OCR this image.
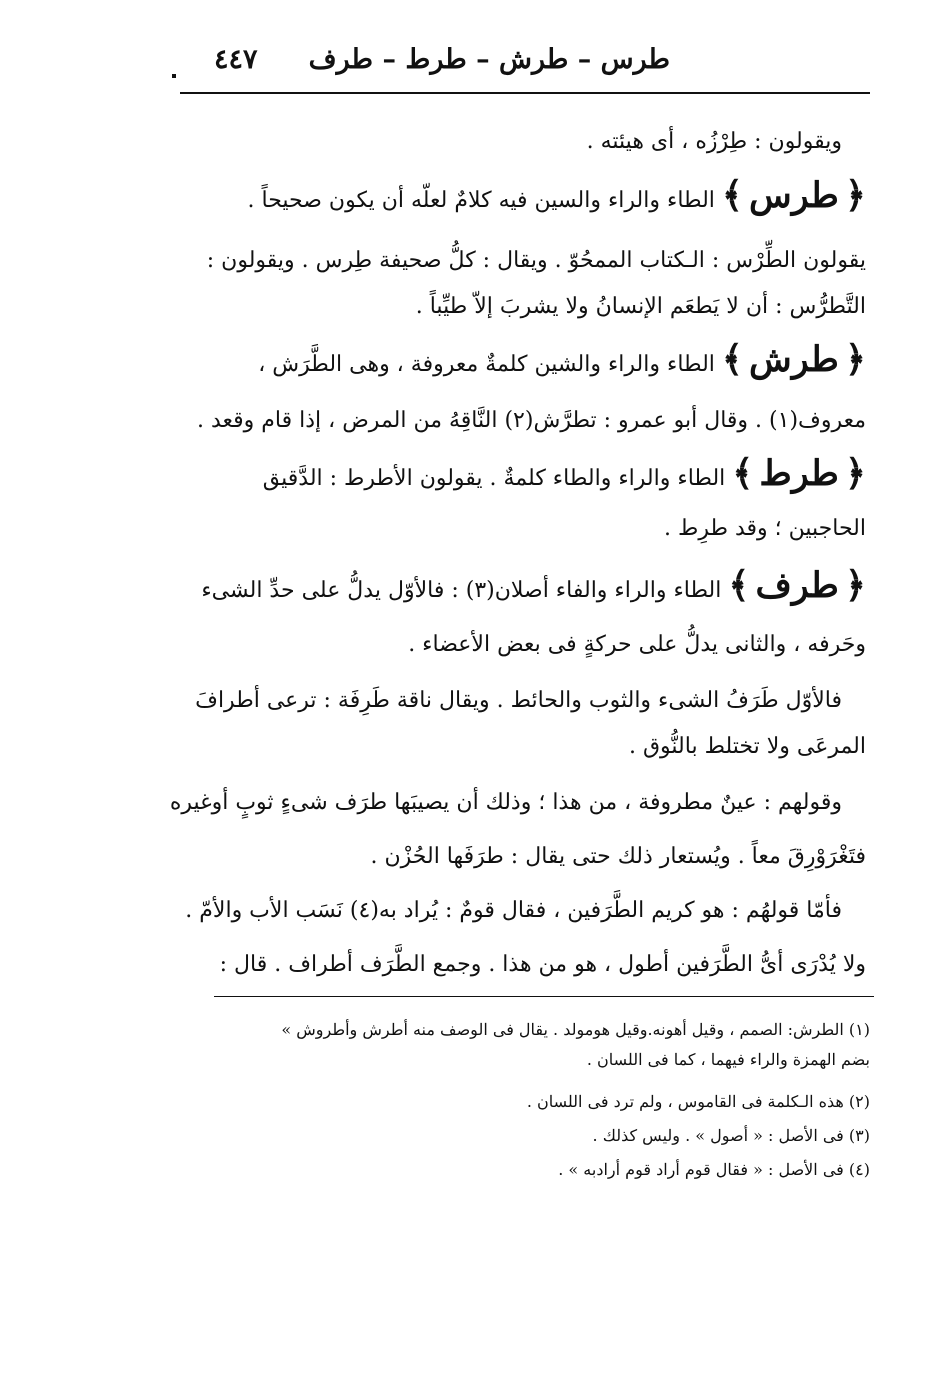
طرس – طرش – طرط – طرف
٤٤٧
ويقولون : طِرْزُه ، أى هيئته .
﴿طرس﴾ الطاء والراء والسين فيه كلامٌ لعلّه أن يكون صحيحاً .
يقولون الطِّرْس : الـكتاب الممحُوّ . ويقال : كلُّ صحيفة طِرس . ويقولون :
التَّطرُّس : أن لا يَطعَم الإنسانُ ولا يشربَ إلاّ طيِّباً .
﴿طرش﴾ الطاء والراء والشين كلمةٌ معروفة ، وهى الطَّرَش ،
معروف(١) . وقال أبو عمرو : تطرَّش(٢) النَّاقِهُ من المرض ، إذا قام وقعد .
﴿طرط﴾ الطاء والراء والطاء كلمةٌ . يقولون الأطرط : الدَّقيق
الحاجبين ؛ وقد طرِط .
﴿طرف﴾ الطاء والراء والفاء أصلان(٣) : فالأوّل يدلُّ على حدِّ الشىء
وحَرفه ، والثانى يدلُّ على حركةٍ فى بعض الأعضاء .
فالأوّل طَرَفُ الشىء والثوب والحائط . ويقال ناقة طَرِفَة : ترعى أطرافَ
المرعَى ولا تختلط بالنُّوق .
وقولهم : عينٌ مطروفة ، من هذا ؛ وذلك أن يصيبَها طرَف شىءٍ ثوبٍ أوغيره
فتَغْرَوْرِقَ معاً . ويُستعار ذلك حتى يقال : طرَفَها الحُزْن .
فأمّا قولهُم : هو كريم الطَّرَفين ، فقال قومٌ : يُراد به(٤) نَسَب الأب والأمّ .
ولا يُدْرَى أىُّ الطَّرَفين أطول ، هو من هذا . وجمع الطَّرَف أطراف . قال :
(١) الطرش: الصمم ، وقيل أهونه.وقيل هومولد . يقال فى الوصف منه أطرش وأطروش »
بضم الهمزة والراء فيهما ، كما فى اللسان .
(٢) هذه الـكلمة فى القاموس ، ولم ترد فى اللسان .
(٣) فى الأصل : « أصول » . وليس كذلك .
(٤) فى الأصل : « فقال قوم أراد قوم أرادبه » .
